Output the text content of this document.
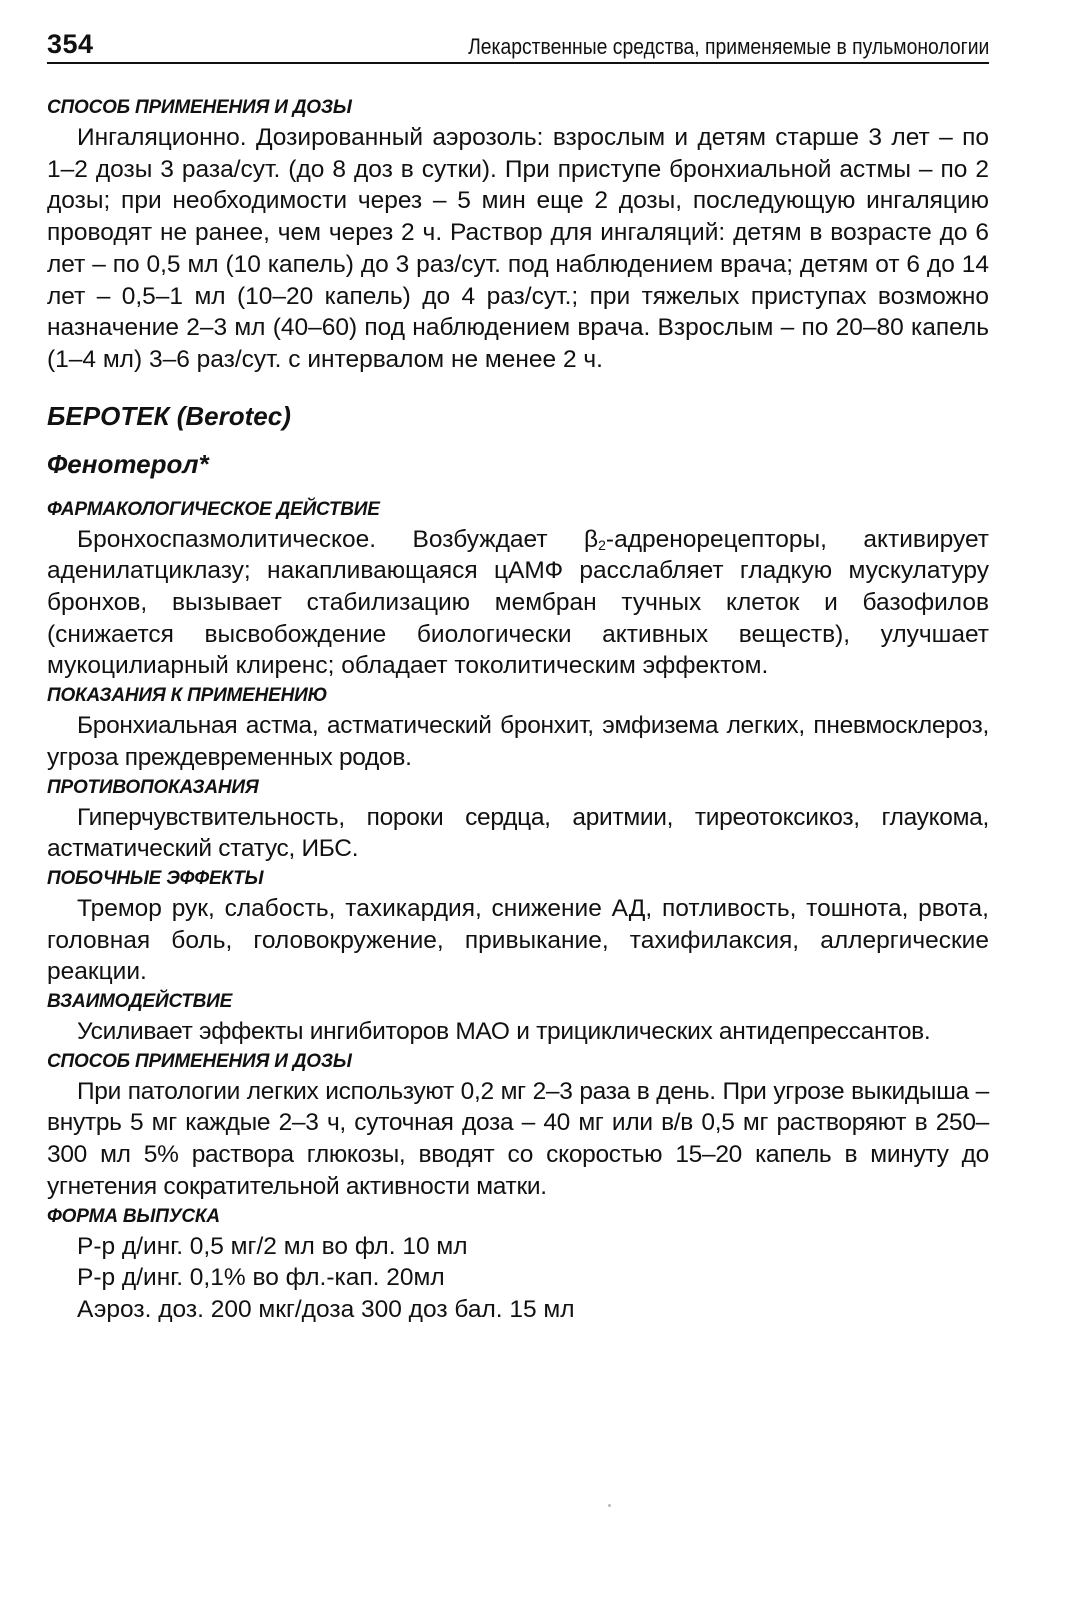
354	Лекарственные средства, применяемые в пульмонологии
СПОСОБ ПРИМЕНЕНИЯ И ДОЗЫ

Ингаляционно. Дозированный аэрозоль: взрослым и детям старше 3 лет – по 1–2 дозы 3 раза/сут. (до 8 доз в сутки). При приступе бронхиальной астмы – по 2 дозы; при необходимости через – 5 мин еще 2 дозы, последующую ингаляцию проводят не ранее, чем через 2 ч. Раствор для ингаляций: детям в возрасте до 6 лет – по 0,5 мл (10 капель) до 3 раз/сут. под наблюдением врача; детям от 6 до 14 лет – 0,5–1 мл (10–20 капель) до 4 раз/сут.; при тяжелых приступах возможно назначение 2–3 мл (40–60) под наблюдением врача. Взрослым – по 20–80 капель (1–4 мл) 3–6 раз/сут. с интервалом не менее 2 ч.

БЕРОТЕК (Berotec)
Фенотерол*
ФАРМАКОЛОГИЧЕСКОЕ ДЕЙСТВИЕ

Бронхоспазмолитическое. Возбуждает $\beta_2$-адренорецепторы, активирует аденилатциклазу; накапливающаяся цАМФ расслабляет гладкую мускулатуру бронхов, вызывает стабилизацию мембран тучных клеток и базофилов (снижается высвобождение биологически активных веществ), улучшает мукоцилиарный клиренс; обладает токолитическим эффектом.

ПОКАЗАНИЯ К ПРИМЕНЕНИЮ

Бронхиальная астма, астматический бронхит, эмфизема легких, пневмосклероз, угроза преждевременных родов.

ПРОТИВОПОКАЗАНИЯ

Гиперчувствительность, пороки сердца, аритмии, тиреотоксикоз, глаукома, астматический статус, ИБС.

ПОБОЧНЫЕ ЭФФЕКТЫ

Тремор рук, слабость, тахикардия, снижение АД, потливость, тошнота, рвота, головная боль, головокружение, привыкание, тахифилаксия, аллергические реакции.

ВЗАИМОДЕЙСТВИЕ

Усиливает эффекты ингибиторов МАО и трициклических антидепрессантов.

СПОСОБ ПРИМЕНЕНИЯ И ДОЗЫ

При патологии легких используют 0,2 мг 2–3 раза в день. При угрозе выкидыша – внутрь 5 мг каждые 2–3 ч, суточная доза – 40 мг или в/в 0,5 мг растворяют в 250–300 мл 5% раствора глюкозы, вводят со скоростью 15–20 капель в минуту до угнетения сократительной активности матки.

ФОРМА ВЫПУСКА

Р-р д/инг. 0,5 мг/2 мл во фл. 10 мл

Р-р д/инг. 0,1% во фл.-кап. 20мл

Аэроз. доз. 200 мкг/доза 300 доз бал. 15 мл
